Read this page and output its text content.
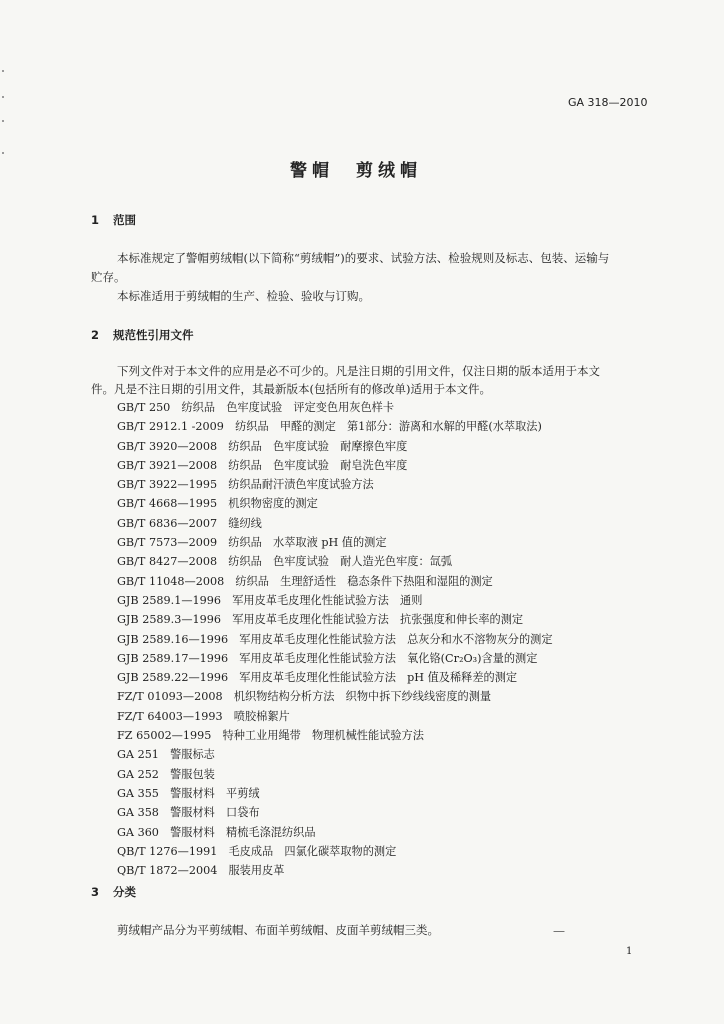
GA 318—2010
警帽　剪绒帽
1 范围
本标准规定了警帽剪绒帽(以下简称“剪绒帽”)的要求、试验方法、检验规则及标志、包装、运输与
贮存。
本标准适用于剪绒帽的生产、检验、验收与订购。
2 规范性引用文件
下列文件对于本文件的应用是必不可少的。凡是注日期的引用文件，仅注日期的版本适用于本文
件。凡是不注日期的引用文件，其最新版本(包括所有的修改单)适用于本文件。
GB/T 250　纺织品　色牢度试验　评定变色用灰色样卡
GB/T 2912.1 -2009　纺织品　甲醛的测定　第1部分：游离和水解的甲醛(水萃取法)
GB/T 3920—2008　纺织品　色牢度试验　耐摩擦色牢度
GB/T 3921—2008　纺织品　色牢度试验　耐皂洗色牢度
GB/T 3922—1995　纺织品耐汗渍色牢度试验方法
GB/T 4668—1995　机织物密度的测定
GB/T 6836—2007　缝纫线
GB/T 7573—2009　纺织品　水萃取液 pH 值的测定
GB/T 8427—2008　纺织品　色牢度试验　耐人造光色牢度：氙弧
GB/T 11048—2008　纺织品　生理舒适性　稳态条件下热阻和湿阻的测定
GJB 2589.1—1996　军用皮革毛皮理化性能试验方法　通则
GJB 2589.3—1996　军用皮革毛皮理化性能试验方法　抗张强度和伸长率的测定
GJB 2589.16—1996　军用皮革毛皮理化性能试验方法　总灰分和水不溶物灰分的测定
GJB 2589.17—1996　军用皮革毛皮理化性能试验方法　氧化铬(Cr₂O₃)含量的测定
GJB 2589.22—1996　军用皮革毛皮理化性能试验方法　pH 值及稀释差的测定
FZ/T 01093—2008　机织物结构分析方法　织物中拆下纱线线密度的测量
FZ/T 64003—1993　喷胶棉絮片
FZ 65002—1995　特种工业用绳带　物理机械性能试验方法
GA 251　警服标志
GA 252　警服包装
GA 355　警服材料　平剪绒
GA 358　警服材料　口袋布
GA 360　警服材料　精梳毛涤混纺织品
QB/T 1276—1991　毛皮成品　四氯化碳萃取物的测定
QB/T 1872—2004　服装用皮革
3 分类
剪绒帽产品分为平剪绒帽、布面羊剪绒帽、皮面羊剪绒帽三类。	—
1
